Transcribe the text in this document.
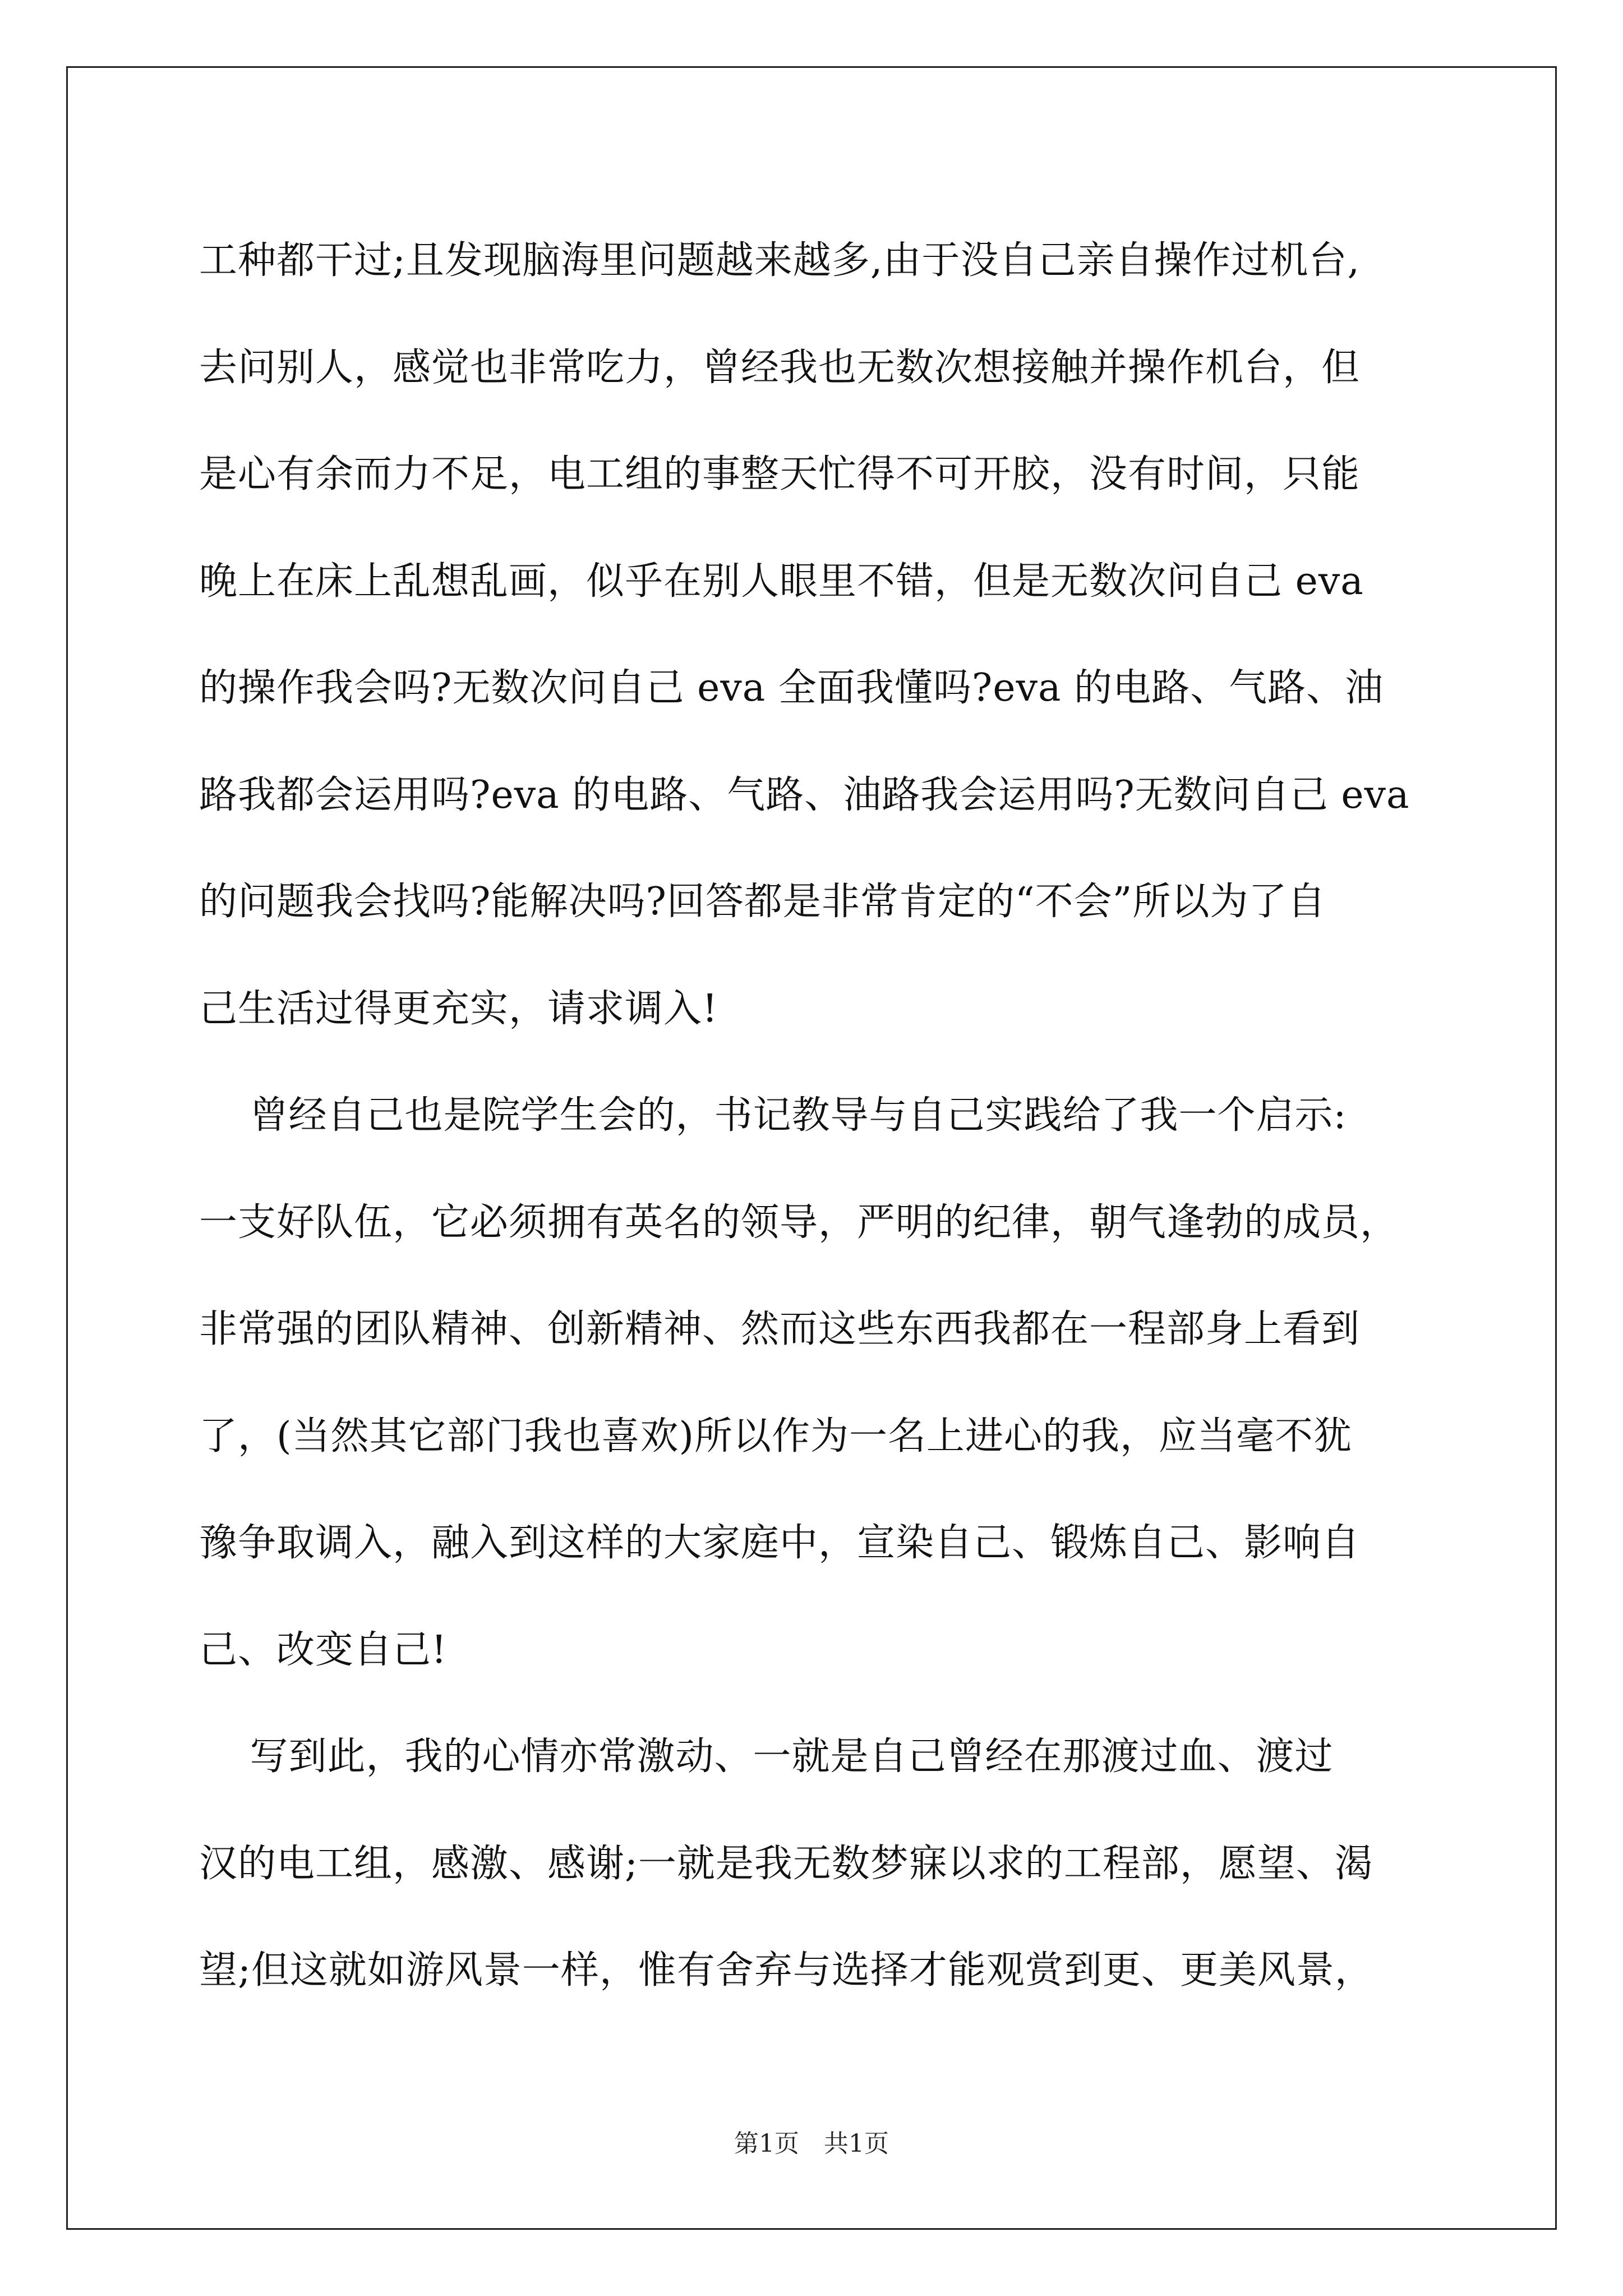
工种都干过;且发现脑海里问题越来越多,由于没自己亲自操作过机台,
去问别人，感觉也非常吃力，曾经我也无数次想接触并操作机台，但
是心有余而力不足，电工组的事整天忙得不可开胶，没有时间，只能
晚上在床上乱想乱画，似乎在别人眼里不错，但是无数次问自己 eva
的操作我会吗?无数次问自己 eva 全面我懂吗?eva 的电路、气路、油
路我都会运用吗?eva 的电路、气路、油路我会运用吗?无数问自己 eva
的问题我会找吗?能解决吗?回答都是非常肯定的“不会”所以为了自
己生活过得更充实，请求调入!
曾经自己也是院学生会的，书记教导与自己实践给了我一个启示:
一支好队伍，它必须拥有英名的领导，严明的纪律，朝气逢勃的成员，
非常强的团队精神、创新精神、然而这些东西我都在一程部身上看到
了，(当然其它部门我也喜欢)所以作为一名上进心的我，应当毫不犹
豫争取调入，融入到这样的大家庭中，宣染自己、锻炼自己、影响自
己、改变自己!
写到此，我的心情亦常激动、一就是自己曾经在那渡过血、渡过
汉的电工组，感激、感谢;一就是我无数梦寐以求的工程部，愿望、渴
望;但这就如游风景一样，惟有舍弃与选择才能观赏到更、更美风景，
第1页　共1页
